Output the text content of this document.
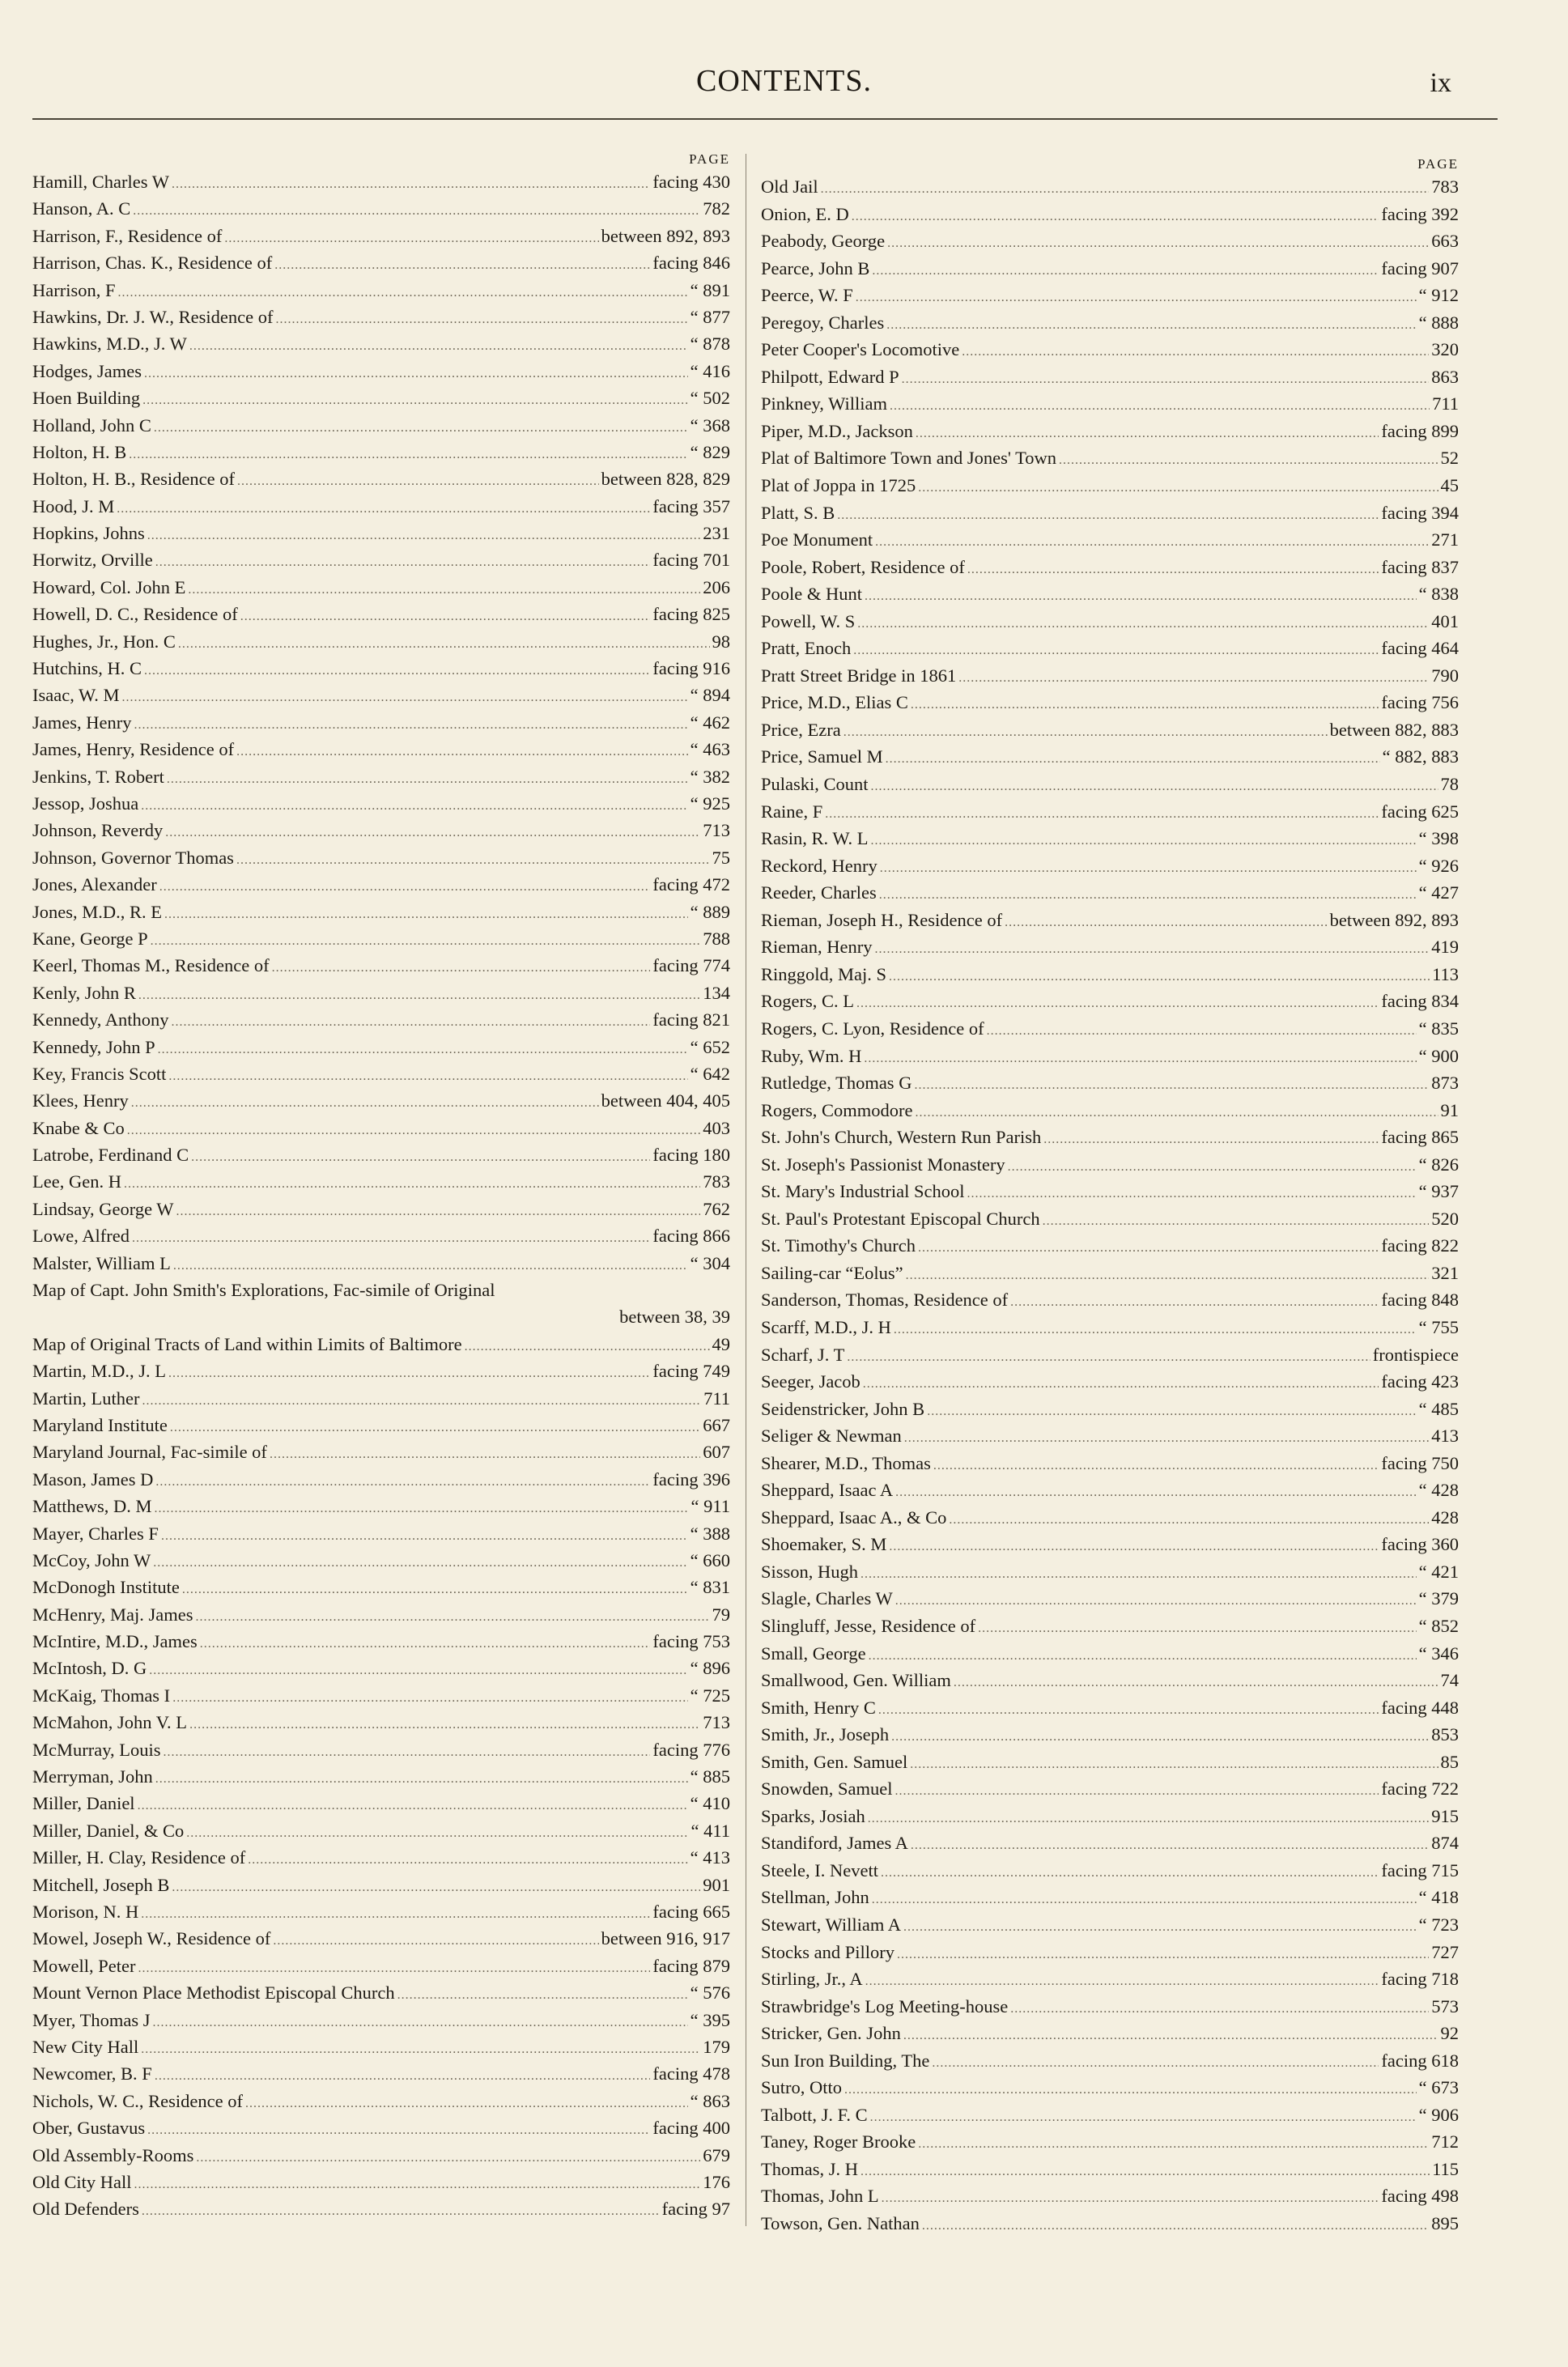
CONTENTS.	ix
PAGE
Hamill, Charles W .....	facing 430
Hanson, A. C .....	782
Harrison, F., Residence of .....	between 892, 893
Harrison, Chas. K., Residence of .....	facing 846
Harrison, F .....	“ 891
Hawkins, Dr. J. W., Residence of .....	“ 877
Hawkins, M.D., J. W .....	“ 878
Hodges, James .....	“ 416
Hoen Building .....	“ 502
Holland, John C .....	“ 368
Holton, H. B .....	“ 829
Holton, H. B., Residence of .....	between 828, 829
Hood, J. M .....	facing 357
Hopkins, Johns .....	231
Horwitz, Orville .....	facing 701
Howard, Col. John E .....	206
Howell, D. C., Residence of .....	facing 825
Hughes, Jr., Hon. C .....	98
Hutchins, H. C .....	facing 916
Isaac, W. M .....	“ 894
James, Henry .....	“ 462
James, Henry, Residence of .....	“ 463
Jenkins, T. Robert .....	“ 382
Jessop, Joshua .....	“ 925
Johnson, Reverdy .....	713
Johnson, Governor Thomas .....	75
Jones, Alexander .....	facing 472
Jones, M.D., R. E .....	“ 889
Kane, George P .....	788
Keerl, Thomas M., Residence of .....	facing 774
Kenly, John R .....	134
Kennedy, Anthony .....	facing 821
Kennedy, John P .....	“ 652
Key, Francis Scott .....	“ 642
Klees, Henry .....	between 404, 405
Knabe & Co .....	403
Latrobe, Ferdinand C .....	facing 180
Lee, Gen. H .....	783
Lindsay, George W .....	762
Lowe, Alfred .....	facing 866
Malster, William L .....	“ 304
Map of Capt. John Smith's Explorations, Fac-simile of Original
between 38, 39
Map of Original Tracts of Land within Limits of Baltimore .....	49
Martin, M.D., J. L .....	facing 749
Martin, Luther .....	711
Maryland Institute .....	667
Maryland Journal, Fac-simile of .....	607
Mason, James D .....	facing 396
Matthews, D. M .....	“ 911
Mayer, Charles F .....	“ 388
McCoy, John W .....	“ 660
McDonogh Institute .....	“ 831
McHenry, Maj. James .....	79
McIntire, M.D., James .....	facing 753
McIntosh, D. G .....	“ 896
McKaig, Thomas I .....	“ 725
McMahon, John V. L .....	713
McMurray, Louis .....	facing 776
Merryman, John .....	“ 885
Miller, Daniel .....	“ 410
Miller, Daniel, & Co .....	“ 411
Miller, H. Clay, Residence of .....	“ 413
Mitchell, Joseph B .....	901
Morison, N. H .....	facing 665
Mowel, Joseph W., Residence of .....	between 916, 917
Mowell, Peter .....	facing 879
Mount Vernon Place Methodist Episcopal Church .....	“ 576
Myer, Thomas J .....	“ 395
New City Hall .....	179
Newcomer, B. F .....	facing 478
Nichols, W. C., Residence of .....	“ 863
Ober, Gustavus .....	facing 400
Old Assembly-Rooms .....	679
Old City Hall .....	176
Old Defenders .....	facing 97
PAGE
Old Jail .....	783
Onion, E. D .....	facing 392
Peabody, George .....	663
Pearce, John B .....	facing 907
Peerce, W. F .....	“ 912
Peregoy, Charles .....	“ 888
Peter Cooper's Locomotive .....	320
Philpott, Edward P .....	863
Pinkney, William .....	711
Piper, M.D., Jackson .....	facing 899
Plat of Baltimore Town and Jones' Town .....	52
Plat of Joppa in 1725 .....	45
Platt, S. B .....	facing 394
Poe Monument .....	271
Poole, Robert, Residence of .....	facing 837
Poole & Hunt .....	“ 838
Powell, W. S .....	401
Pratt, Enoch .....	facing 464
Pratt Street Bridge in 1861 .....	790
Price, M.D., Elias C .....	facing 756
Price, Ezra .....	between 882, 883
Price, Samuel M .....	“ 882, 883
Pulaski, Count .....	78
Raine, F .....	facing 625
Rasin, R. W. L .....	“ 398
Reckord, Henry .....	“ 926
Reeder, Charles .....	“ 427
Rieman, Joseph H., Residence of .....	between 892, 893
Rieman, Henry .....	419
Ringgold, Maj. S .....	113
Rogers, C. L .....	facing 834
Rogers, C. Lyon, Residence of .....	“ 835
Ruby, Wm. H .....	“ 900
Rutledge, Thomas G .....	873
Rogers, Commodore .....	91
St. John's Church, Western Run Parish .....	facing 865
St. Joseph's Passionist Monastery .....	“ 826
St. Mary's Industrial School .....	“ 937
St. Paul's Protestant Episcopal Church .....	520
St. Timothy's Church .....	facing 822
Sailing-car “Eolus” .....	321
Sanderson, Thomas, Residence of .....	facing 848
Scarff, M.D., J. H .....	“ 755
Scharf, J. T .....	frontispiece
Seeger, Jacob .....	facing 423
Seidenstricker, John B .....	“ 485
Seliger & Newman .....	413
Shearer, M.D., Thomas .....	facing 750
Sheppard, Isaac A .....	“ 428
Sheppard, Isaac A., & Co .....	428
Shoemaker, S. M .....	facing 360
Sisson, Hugh .....	“ 421
Slagle, Charles W .....	“ 379
Slingluff, Jesse, Residence of .....	“ 852
Small, George .....	“ 346
Smallwood, Gen. William .....	74
Smith, Henry C .....	facing 448
Smith, Jr., Joseph .....	853
Smith, Gen. Samuel .....	85
Snowden, Samuel .....	facing 722
Sparks, Josiah .....	915
Standiford, James A .....	874
Steele, I. Nevett .....	facing 715
Stellman, John .....	“ 418
Stewart, William A .....	“ 723
Stocks and Pillory .....	727
Stirling, Jr., A .....	facing 718
Strawbridge's Log Meeting-house .....	573
Stricker, Gen. John .....	92
Sun Iron Building, The .....	facing 618
Sutro, Otto .....	“ 673
Talbott, J. F. C .....	“ 906
Taney, Roger Brooke .....	712
Thomas, J. H .....	115
Thomas, John L .....	facing 498
Towson, Gen. Nathan .....	895
